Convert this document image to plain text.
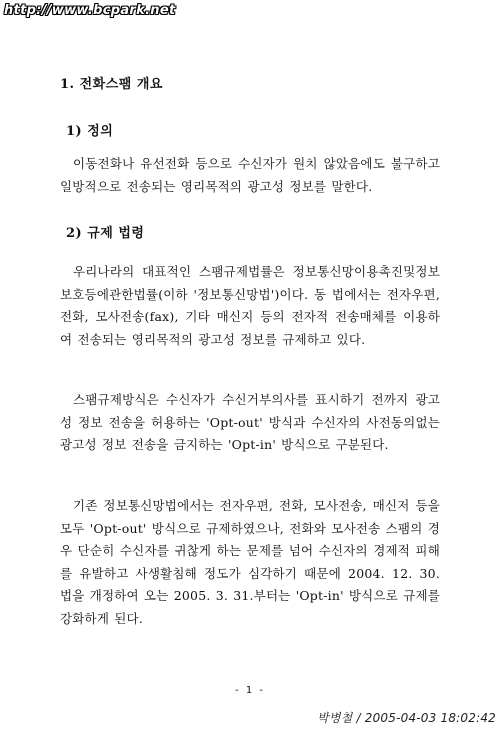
http://www.bcpark.net
1. 전화스팸 개요
1) 정의
이동전화나 유선전화 등으로 수신자가 원치 않았음에도 불구하고 일방적으로 전송되는 영리목적의 광고성 정보를 말한다.
2) 규제 법령
우리나라의 대표적인 스팸규제법률은 정보통신망이용촉진및정보보호등에관한법률(이하 '정보통신망법')이다. 동 법에서는 전자우편, 전화, 모사전송(fax), 기타 매신지 등의 전자적 전송매체를 이용하여 전송되는 영리목적의 광고성 정보를 규제하고 있다.
스팸규제방식은 수신자가 수신거부의사를 표시하기 전까지 광고성 정보 전송을 허용하는 'Opt-out' 방식과 수신자의 사전동의없는 광고성 정보 전송을 금지하는 'Opt-in' 방식으로 구분된다.
기존 정보통신망법에서는 전자우편, 전화, 모사전송, 매신저 등을 모두 'Opt-out' 방식으로 규제하였으나, 전화와 모사전송 스팸의 경우 단순히 수신자를 귀찮게 하는 문제를 넘어 수신자의 경제적 피해를 유발하고 사생활침해 정도가 심각하기 때문에 2004. 12. 30. 법을 개정하여 오는 2005. 3. 31.부터는 'Opt-in' 방식으로 규제를 강화하게 된다.
- 1 -
박병철 / 2005-04-03 18:02:42
